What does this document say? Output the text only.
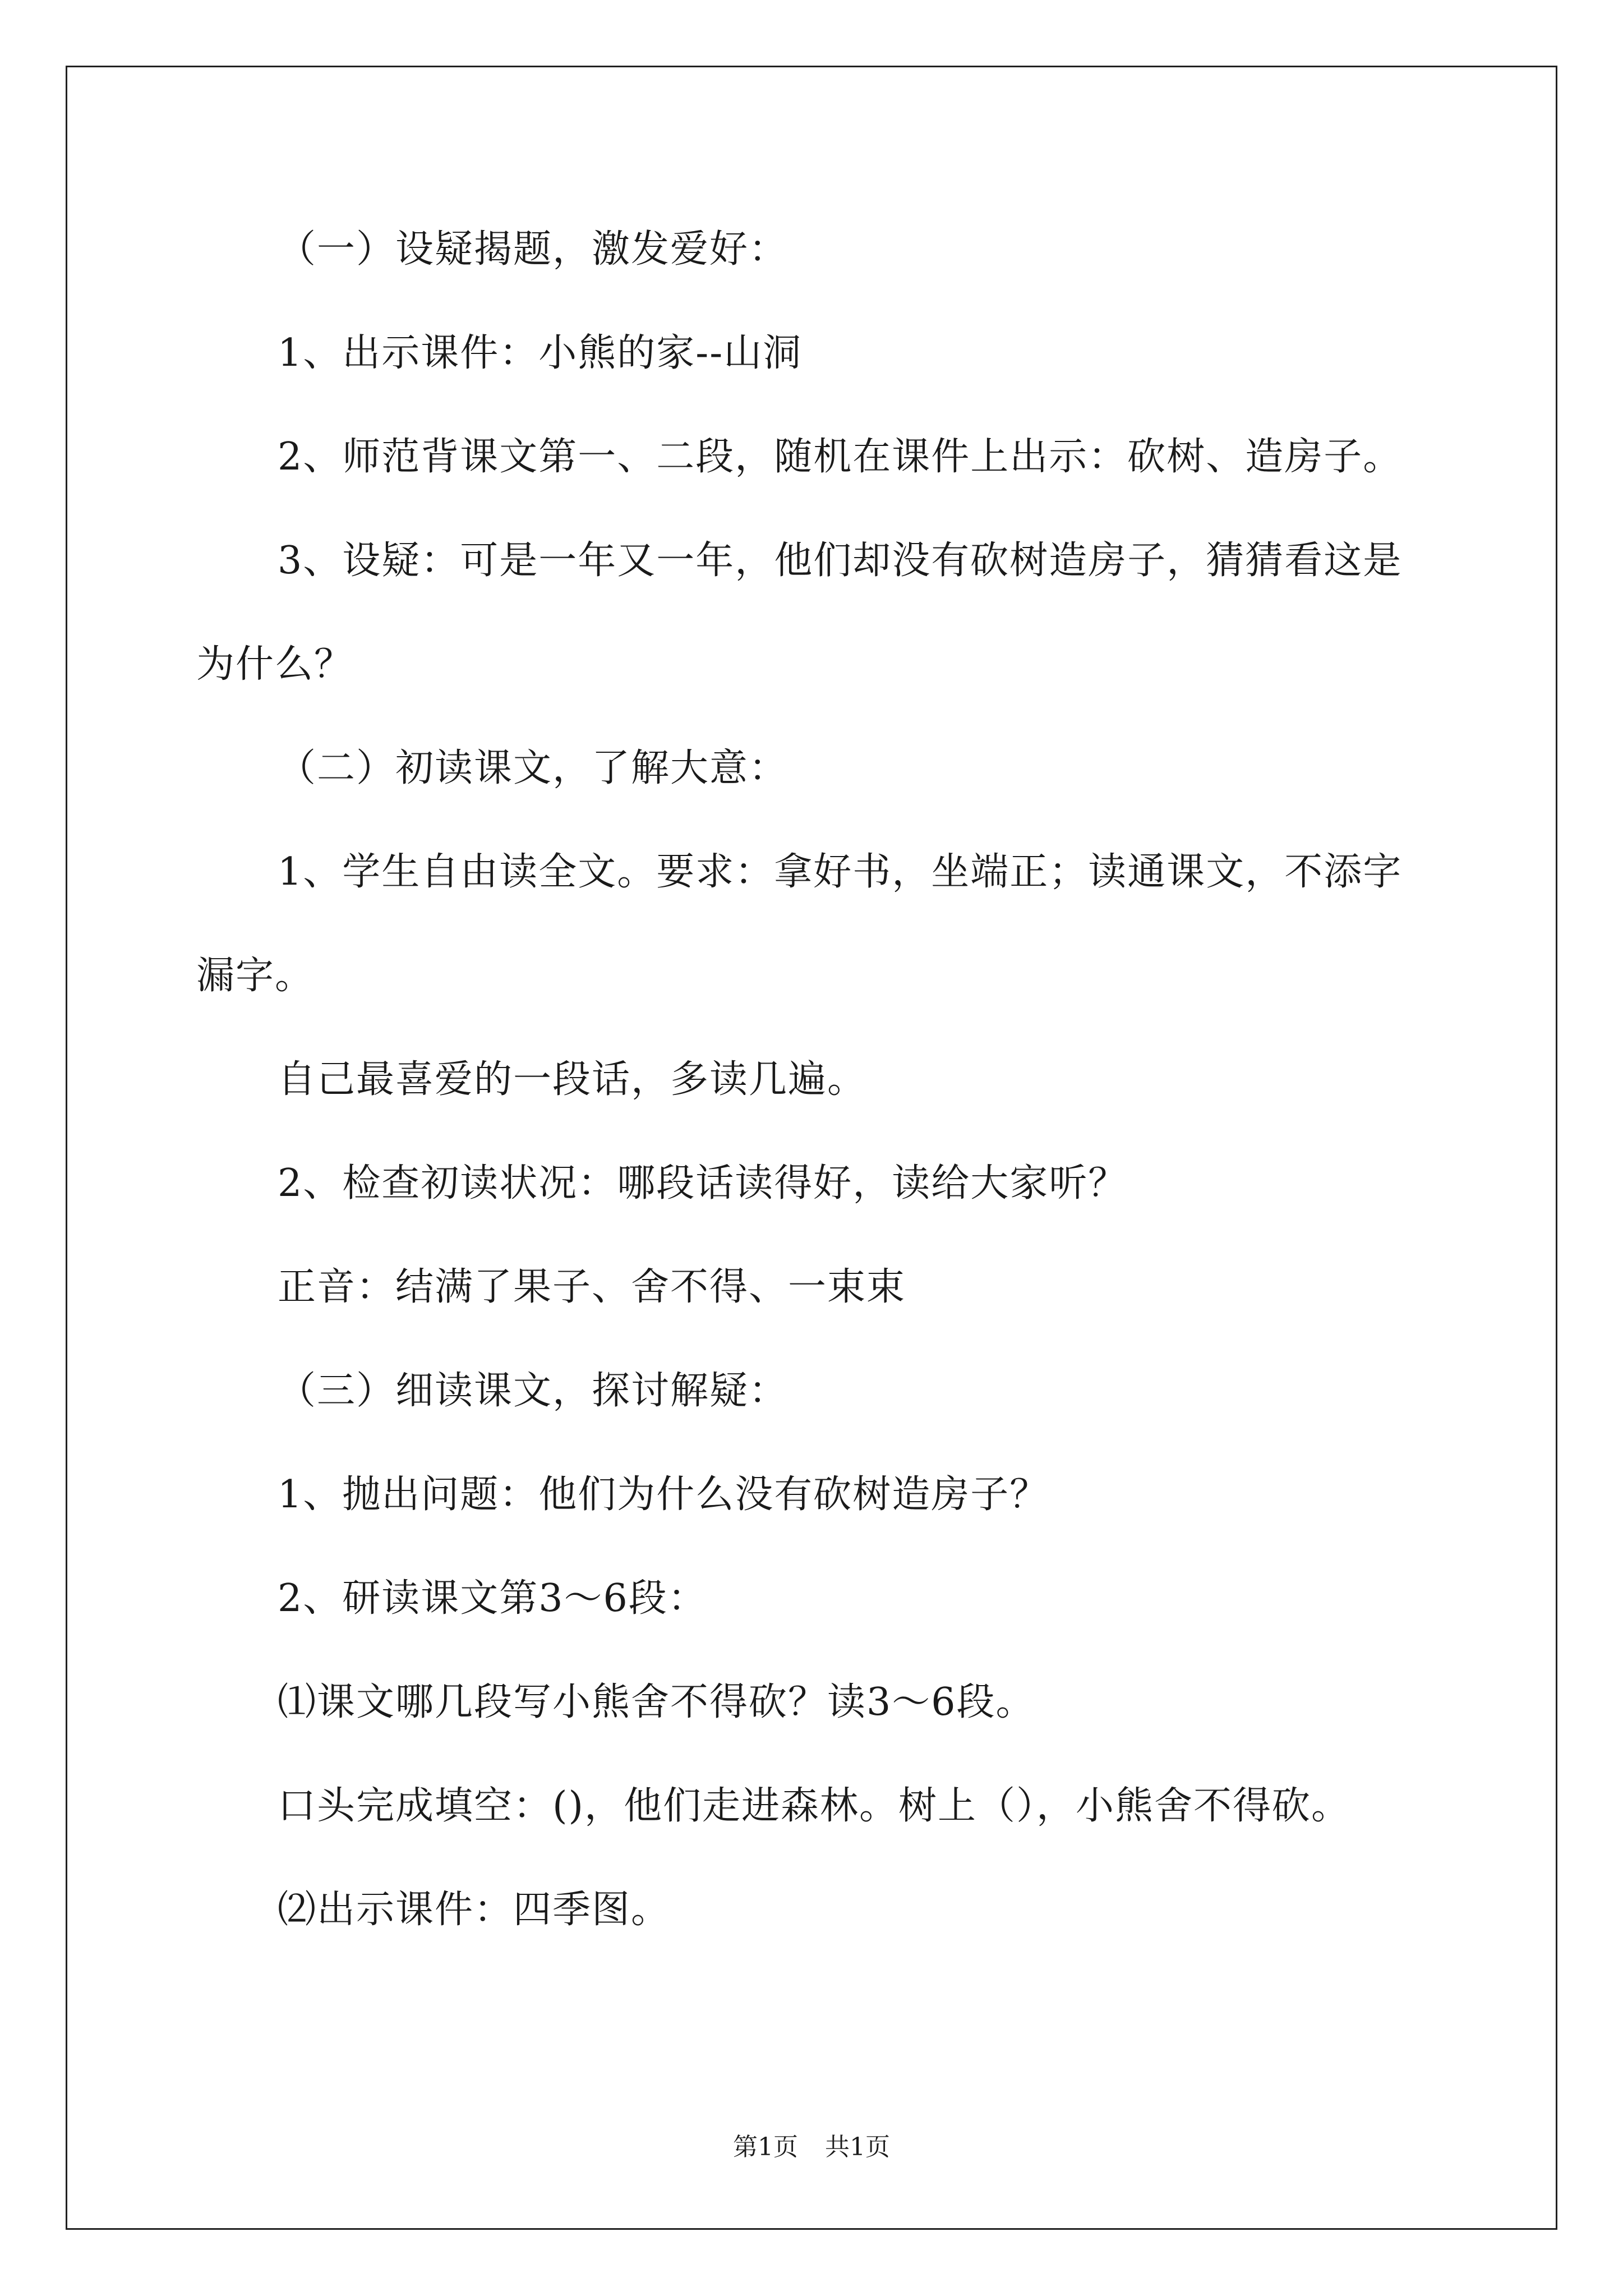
（一）设疑揭题，激发爱好：
1、出示课件：小熊的家--山洞
2、师范背课文第一、二段，随机在课件上出示：砍树、造房子。
3、设疑：可是一年又一年，他们却没有砍树造房子，猜猜看这是
为什么？
（二）初读课文，了解大意：
1、学生自由读全文。要求：拿好书，坐端正；读通课文，不添字
漏字。
自己最喜爱的一段话，多读几遍。
2、检查初读状况：哪段话读得好，读给大家听？
正音：结满了果子、舍不得、一束束
（三）细读课文，探讨解疑：
1、抛出问题：他们为什么没有砍树造房子？
2、研读课文第3～6段：
⑴课文哪几段写小熊舍不得砍？读3～6段。
口头完成填空：()，他们走进森林。树上（），小熊舍不得砍。
⑵出示课件：四季图。
第1页 共1页
